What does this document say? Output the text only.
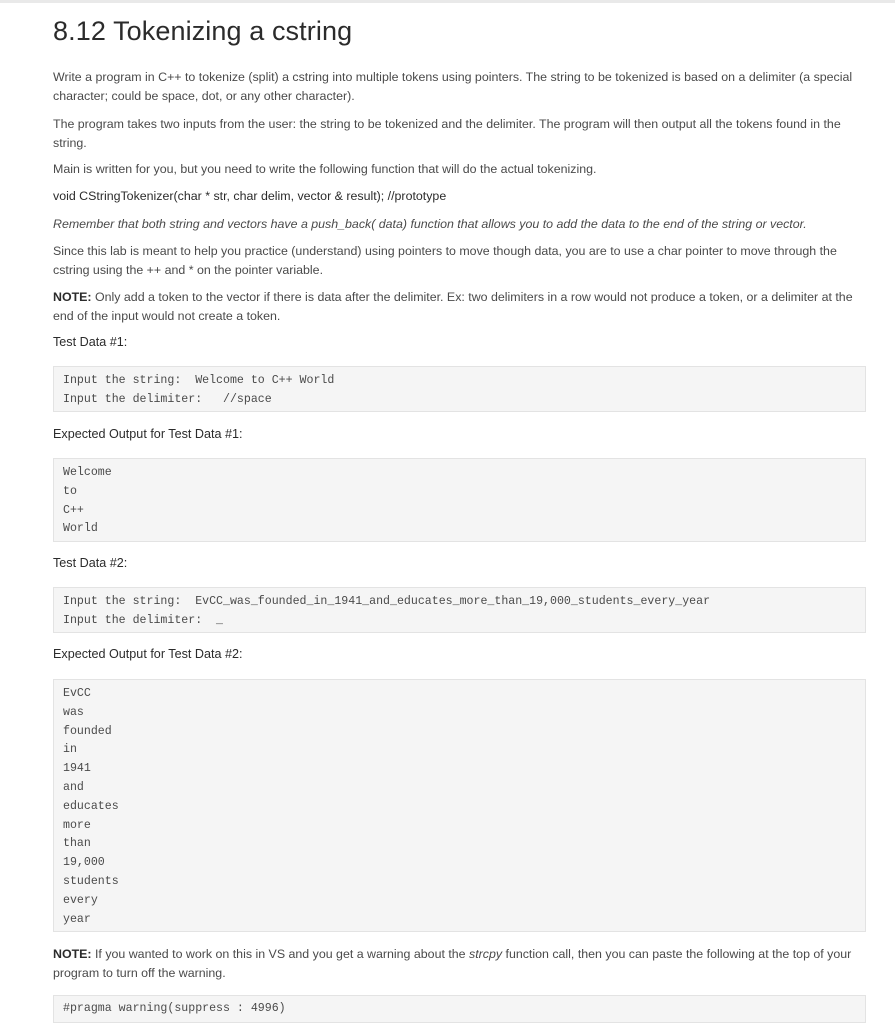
8.12 Tokenizing a cstring

Write a program in C++ to tokenize (split) a cstring into multiple tokens using pointers. The string to be tokenized is based on a delimiter (a special character; could be space, dot, or any other character).

The program takes two inputs from the user: the string to be tokenized and the delimiter. The program will then output all the tokens found in the string.

Main is written for you, but you need to write the following function that will do the actual tokenizing.

void CStringTokenizer(char * str, char delim, vector & result); //prototype

Remember that both string and vectors have a push_back( data) function that allows you to add the data to the end of the string or vector.

Since this lab is meant to help you practice (understand) using pointers to move though data, you are to use a char pointer to move through the cstring using the ++ and * on the pointer variable.

NOTE: Only add a token to the vector if there is data after the delimiter. Ex: two delimiters in a row would not produce a token, or a delimiter at the end of the input would not create a token.

Test Data #1:

Input the string:  Welcome to C++ World
Input the delimiter:   //space

Expected Output for Test Data #1:

Welcome
to
C++
World

Test Data #2:

Input the string:  EvCC_was_founded_in_1941_and_educates_more_than_19,000_students_every_year
Input the delimiter:  _

Expected Output for Test Data #2:

EvCC
was
founded
in
1941
and
educates
more
than
19,000
students
every
year

NOTE: If you wanted to work on this in VS and you get a warning about the strcpy function call, then you can paste the following at the top of your program to turn off the warning.

#pragma warning(suppress : 4996)
